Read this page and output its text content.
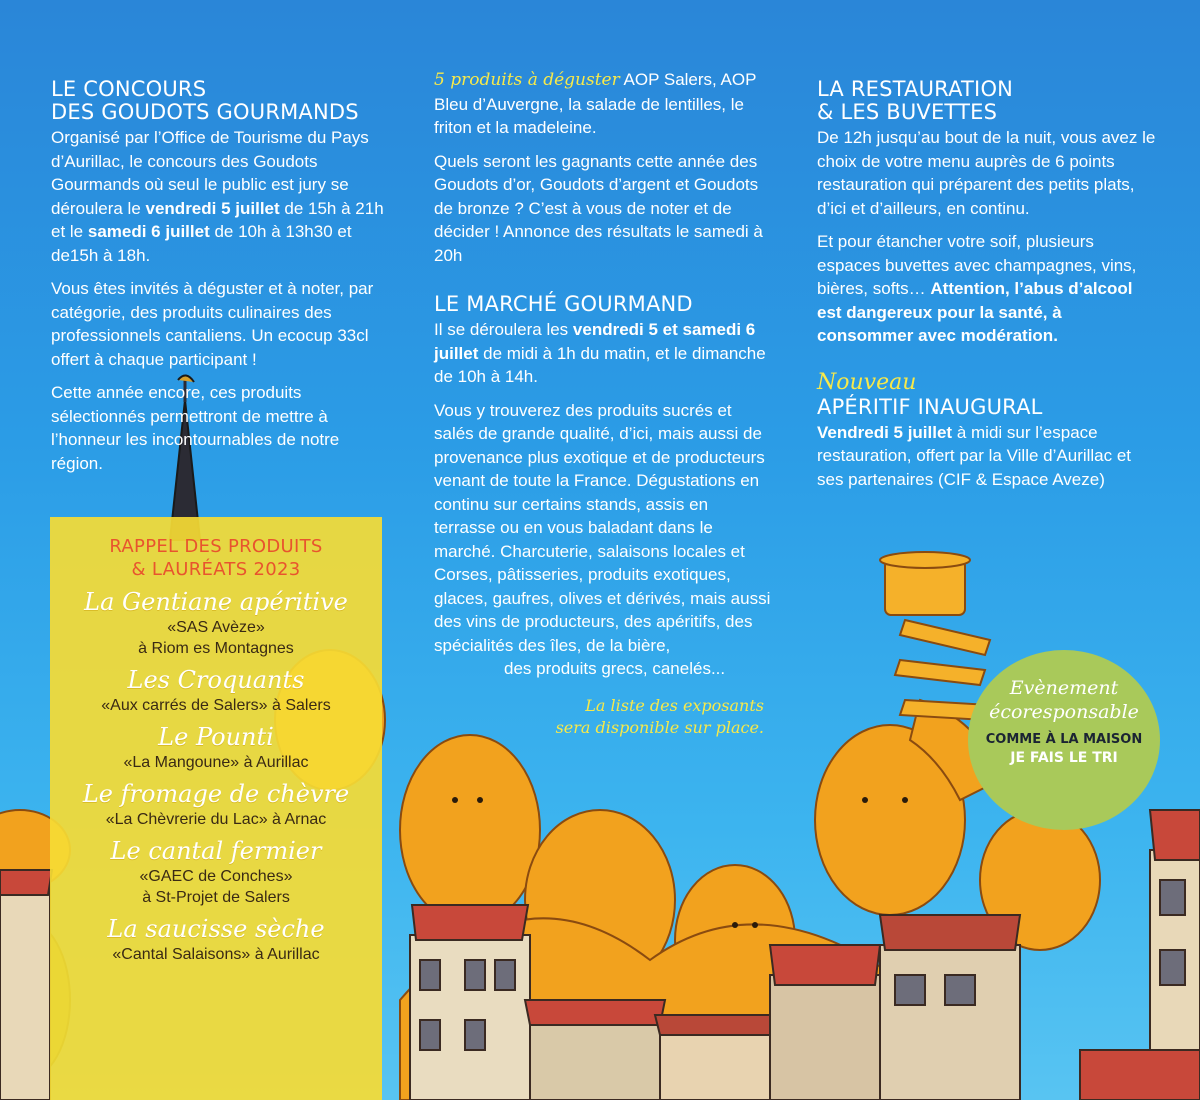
LE CONCOURS
DES GOUDOTS GOURMANDS

Organisé par l’Office de Tourisme du Pays d’Aurillac, le concours des Goudots Gourmands où seul le public est jury se déroulera le vendredi 5 juillet de 15h à 21h et le samedi 6 juillet de 10h à 13h30 et de15h à 18h.

Vous êtes invités à déguster et à noter, par catégorie, des produits culinaires des professionnels cantaliens. Un ecocup 33cl offert à chaque participant !

Cette année encore, ces produits sélectionnés permettront de mettre à l’honneur les incontournables de notre région.

RAPPEL DES PRODUITS
& LAURÉATS 2023
La Gentiane apéritive
«SAS Avèze»
à Riom es Montagnes
Les Croquants
«Aux carrés de Salers» à Salers
Le Pounti
«La Mangoune» à Aurillac
Le fromage de chèvre
«La Chèvrerie du Lac» à Arnac
Le cantal fermier
«GAEC de Conches»
à St-Projet de Salers
La saucisse sèche
«Cantal Salaisons» à Aurillac

5 produits à déguster AOP Salers, AOP Bleu d’Auvergne, la salade de lentilles, le friton et la madeleine.

Quels seront les gagnants cette année des Goudots d’or, Goudots d’argent et Goudots de bronze ? C’est à vous de noter et de décider ! Annonce des résultats le samedi à 20h

LE MARCHÉ GOURMAND

Il se déroulera les vendredi 5 et samedi 6 juillet de midi à 1h du matin, et le dimanche de 10h à 14h.

Vous y trouverez des produits sucrés et salés de grande qualité, d’ici, mais aussi de provenance plus exotique et de producteurs venant de toute la France. Dégustations en continu sur certains stands, assis en terrasse ou en vous baladant dans le marché. Charcuterie, salaisons locales et Corses, pâtisseries, produits exotiques, glaces, gaufres, olives et dérivés, mais aussi des vins de producteurs, des apéritifs, des spécialités des îles, de la bière,

des produits grecs, canelés...

La liste des exposants
sera disponible sur place.

LA RESTAURATION
& LES BUVETTES

De 12h jusqu’au bout de la nuit, vous avez le choix de votre menu auprès de 6 points restauration qui préparent des petits plats, d’ici et d’ailleurs, en continu.

Et pour étancher votre soif, plusieurs espaces buvettes avec champagnes, vins, bières, softs… Attention, l’abus d’alcool est dangereux pour la santé, à consommer avec modération.

Nouveau
APÉRITIF INAUGURAL

Vendredi 5 juillet à midi sur l’espace restauration, offert par la Ville d’Aurillac et ses partenaires (CIF & Espace Aveze)

Evènement
écoresponsable
COMME À LA MAISON
JE FAIS LE TRI
